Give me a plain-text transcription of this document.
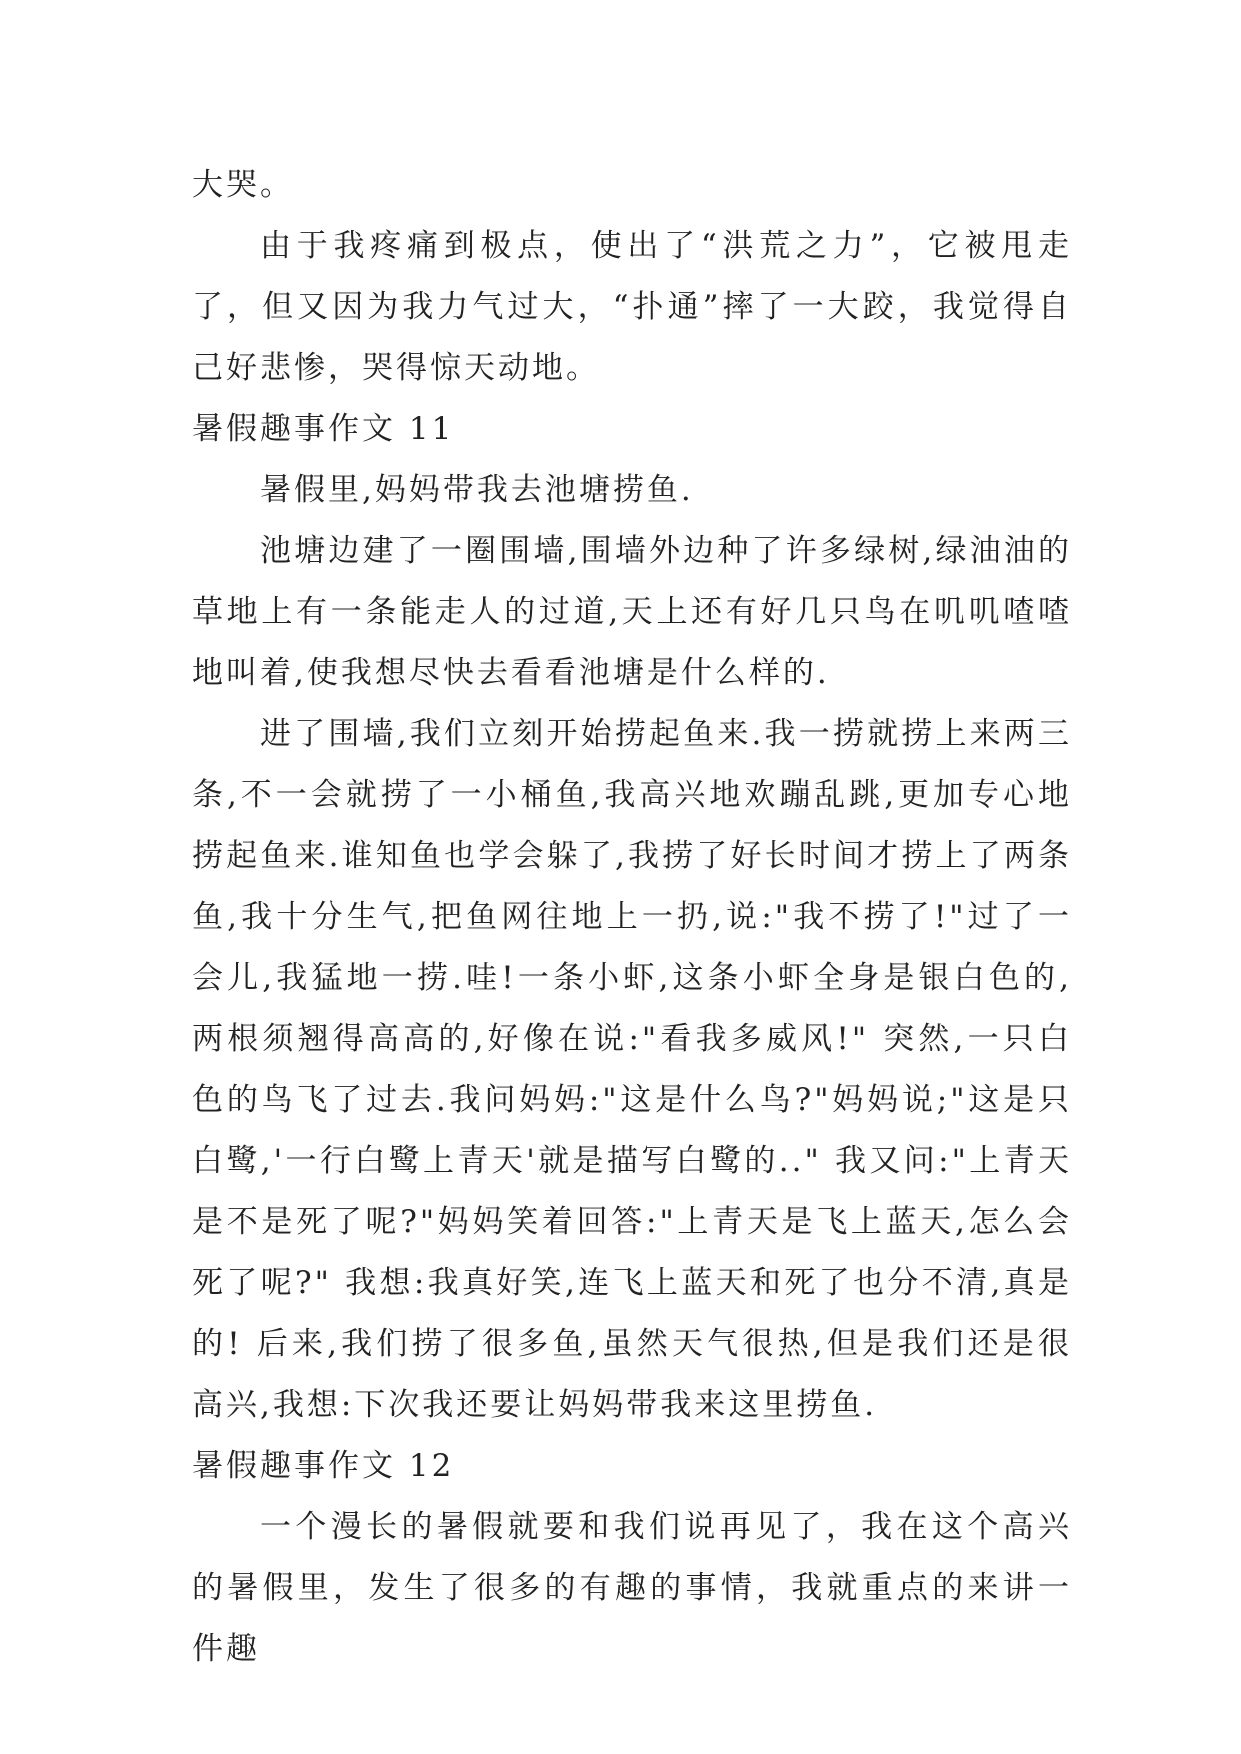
大哭。

由于我疼痛到极点，使出了“洪荒之力”，它被甩走了，但又因为我力气过大，“扑通”摔了一大跤，我觉得自己好悲惨，哭得惊天动地。

暑假趣事作文 11

暑假里,妈妈带我去池塘捞鱼.

池塘边建了一圈围墙,围墙外边种了许多绿树,绿油油的草地上有一条能走人的过道,天上还有好几只鸟在叽叽喳喳地叫着,使我想尽快去看看池塘是什么样的.

进了围墙,我们立刻开始捞起鱼来.我一捞就捞上来两三条,不一会就捞了一小桶鱼,我高兴地欢蹦乱跳,更加专心地捞起鱼来.谁知鱼也学会躲了,我捞了好长时间才捞上了两条鱼,我十分生气,把鱼网往地上一扔,说:"我不捞了!"过了一会儿,我猛地一捞.哇!一条小虾,这条小虾全身是银白色的,两根须翘得高高的,好像在说:"看我多威风!" 突然,一只白色的鸟飞了过去.我问妈妈:"这是什么鸟?"妈妈说;"这是只白鹭,'一行白鹭上青天'就是描写白鹭的.." 我又问:"上青天是不是死了呢?"妈妈笑着回答:"上青天是飞上蓝天,怎么会死了呢?" 我想:我真好笑,连飞上蓝天和死了也分不清,真是的! 后来,我们捞了很多鱼,虽然天气很热,但是我们还是很高兴,我想:下次我还要让妈妈带我来这里捞鱼.

暑假趣事作文 12

一个漫长的暑假就要和我们说再见了，我在这个高兴的暑假里，发生了很多的有趣的事情，我就重点的来讲一件趣
